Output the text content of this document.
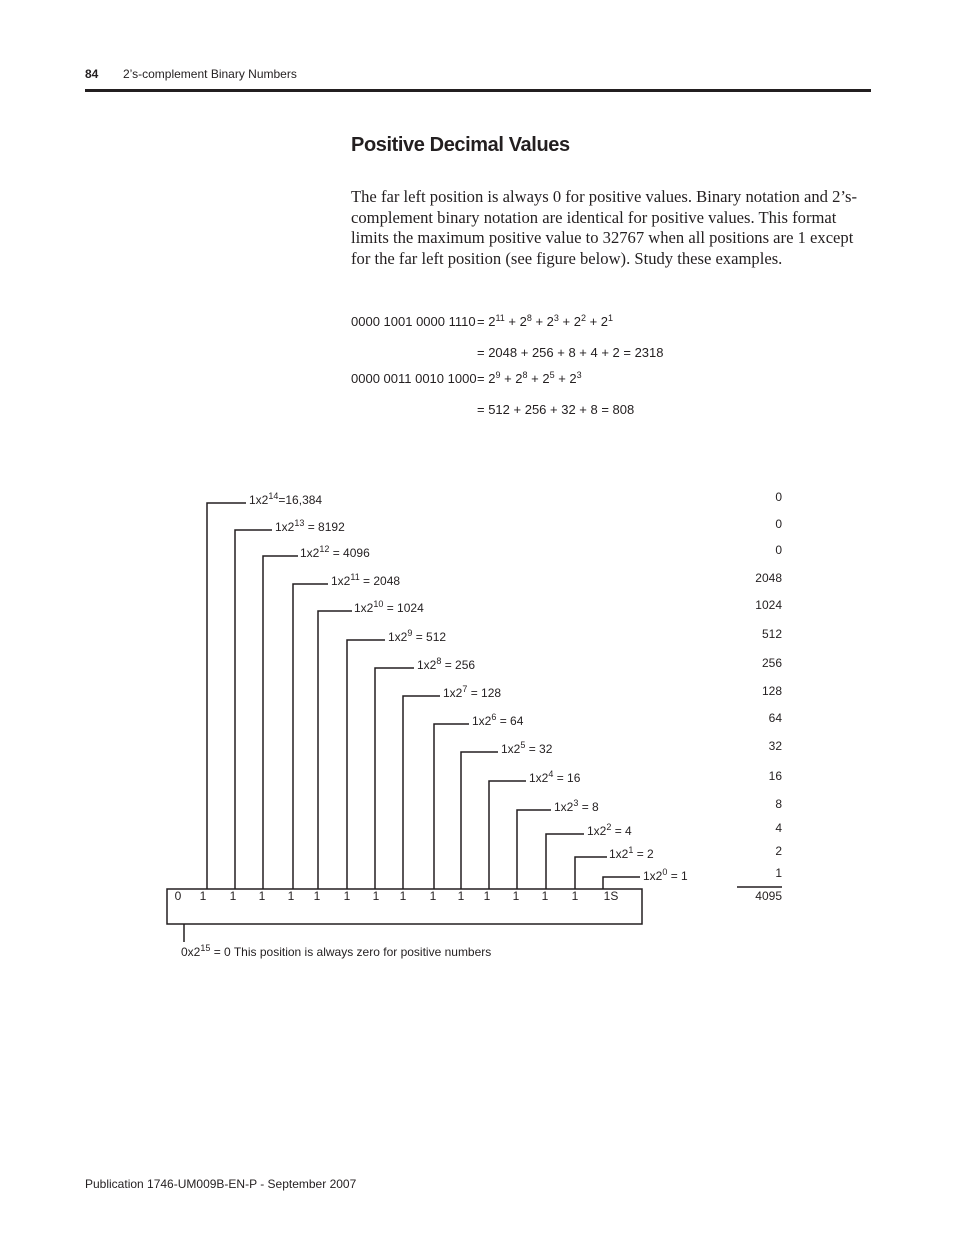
84 2’s-complement Binary Numbers
Positive Decimal Values

The far left position is always 0 for positive values. Binary notation and 2’s-complement binary notation are identical for positive values. This format limits the maximum positive value to 32767 when all positions are 1 except for the far left position (see figure below). Study these examples.

0000 1001 0000 $1110 = 2^{11} + 2^8 + 2^3 + 2^2 + 2^1$
= 2048 + 256 + 8 + 4 + 2 = 2318
0000 0011 0010 $1000 = 2^9 + 2^8 + 2^5 + 2^3$
= 512 + 256 + 32 + 8 = 808
$1x2^{14}=16,384$
$1x2^{13} = 8192$
$1x2^{12} = 4096$
$1x2^{11} = 2048$
$1x2^{10} = 1024$
$1x2^9 = 512$
$1x2^8 = 256$
$1x2^7 = 128$
$1x2^6 = 64$
$1x2^5 = 32$
$1x2^4 = 16$
$1x2^3 = 8$
$1x2^2 = 4$
$1x2^1 = 2$
$1x2^0 = 1$
0
0
0
2048
1024
512
256
128
64
32
16
8
4
2
1
4095
0	1	1	1	1	1	1	1	1	1	1	1	1	1	1	1S
$0x2^{15} = 0$ This position is always zero for positive numbers
Publication 1746-UM009B-EN-P - September 2007
